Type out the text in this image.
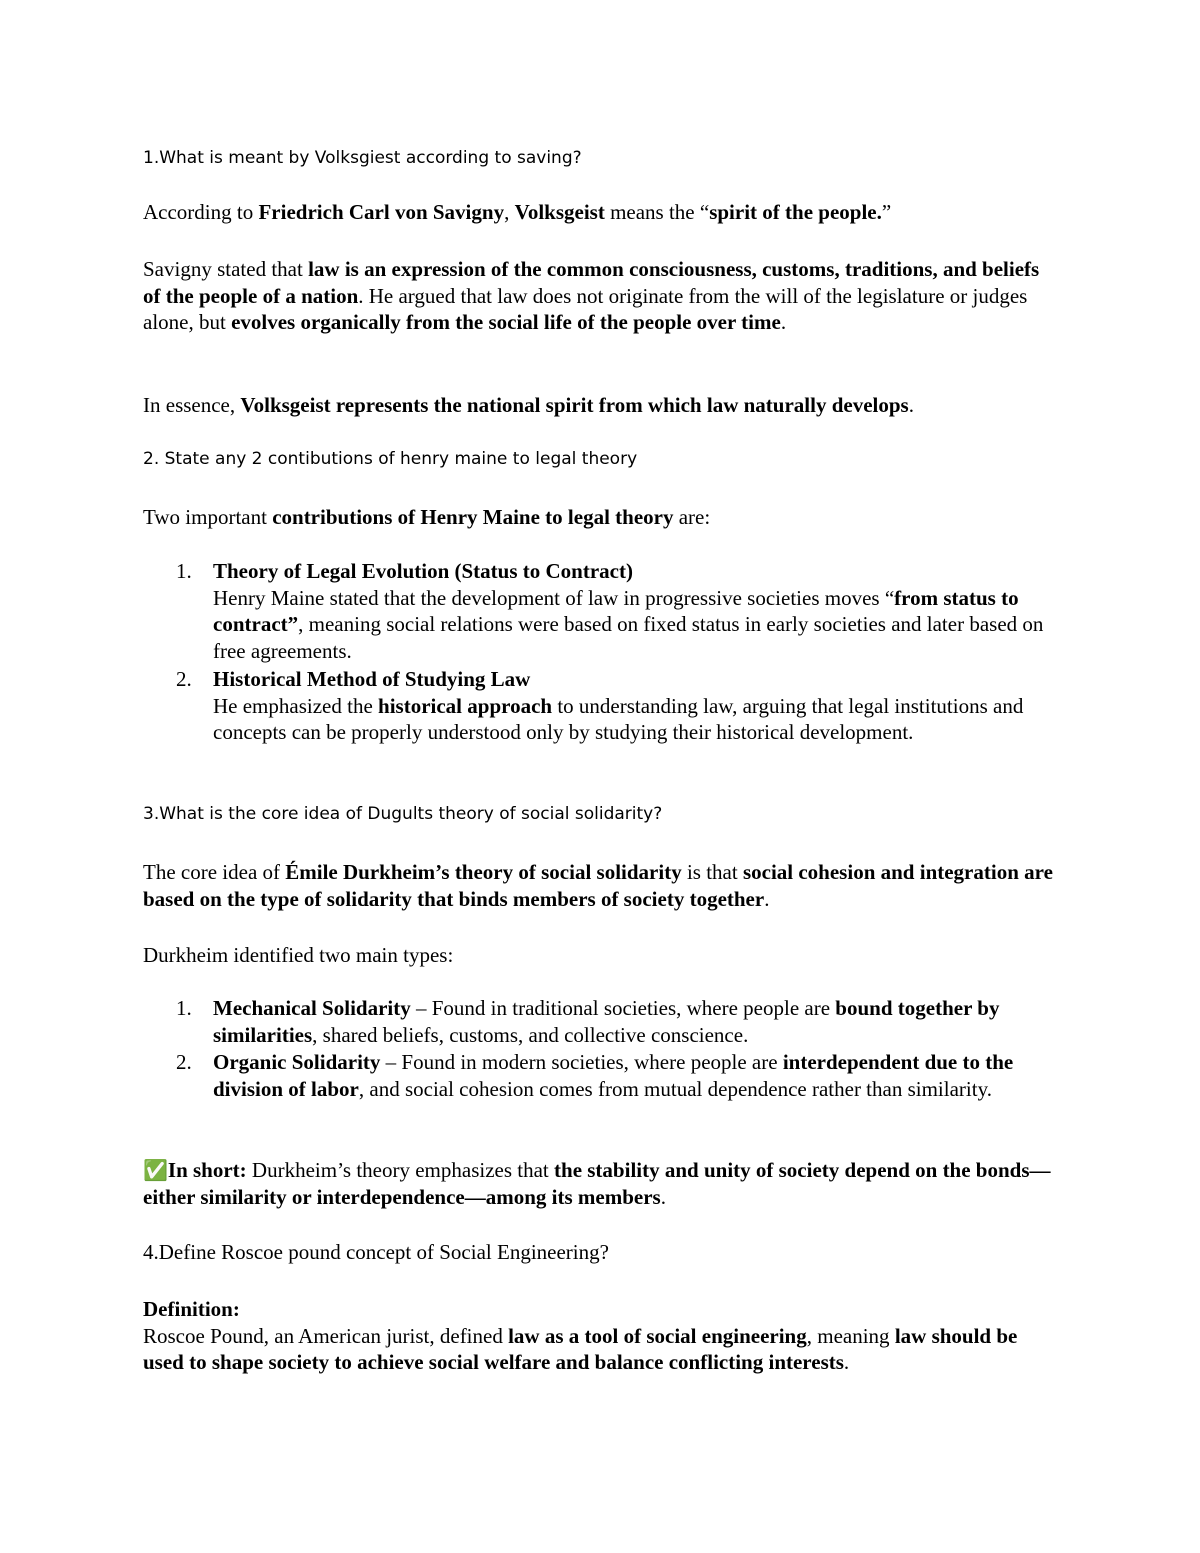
1.What is meant by Volksgiest according to saving?
According to Friedrich Carl von Savigny, Volksgeist means the “spirit of the people.”
Savigny stated that law is an expression of the common consciousness, customs, traditions, and beliefs of the people of a nation. He argued that law does not originate from the will of the legislature or judges alone, but evolves organically from the social life of the people over time.
In essence, Volksgeist represents the national spirit from which law naturally develops.
2. State any 2 contibutions of henry maine to legal theory
Two important contributions of Henry Maine to legal theory are:
1. Theory of Legal Evolution (Status to Contract)
Henry Maine stated that the development of law in progressive societies moves “from status to contract”, meaning social relations were based on fixed status in early societies and later based on free agreements.
2. Historical Method of Studying Law
He emphasized the historical approach to understanding law, arguing that legal institutions and concepts can be properly understood only by studying their historical development.
3.What is the core idea of Dugults theory of social solidarity?
The core idea of Émile Durkheim’s theory of social solidarity is that social cohesion and integration are based on the type of solidarity that binds members of society together.
Durkheim identified two main types:
1. Mechanical Solidarity – Found in traditional societies, where people are bound together by similarities, shared beliefs, customs, and collective conscience.
2. Organic Solidarity – Found in modern societies, where people are interdependent due to the division of labor, and social cohesion comes from mutual dependence rather than similarity.
✅In short: Durkheim’s theory emphasizes that the stability and unity of society depend on the bonds—either similarity or interdependence—among its members.
4.Define Roscoe pound concept of Social Engineering?
Definition:
Roscoe Pound, an American jurist, defined law as a tool of social engineering, meaning law should be used to shape society to achieve social welfare and balance conflicting interests.
